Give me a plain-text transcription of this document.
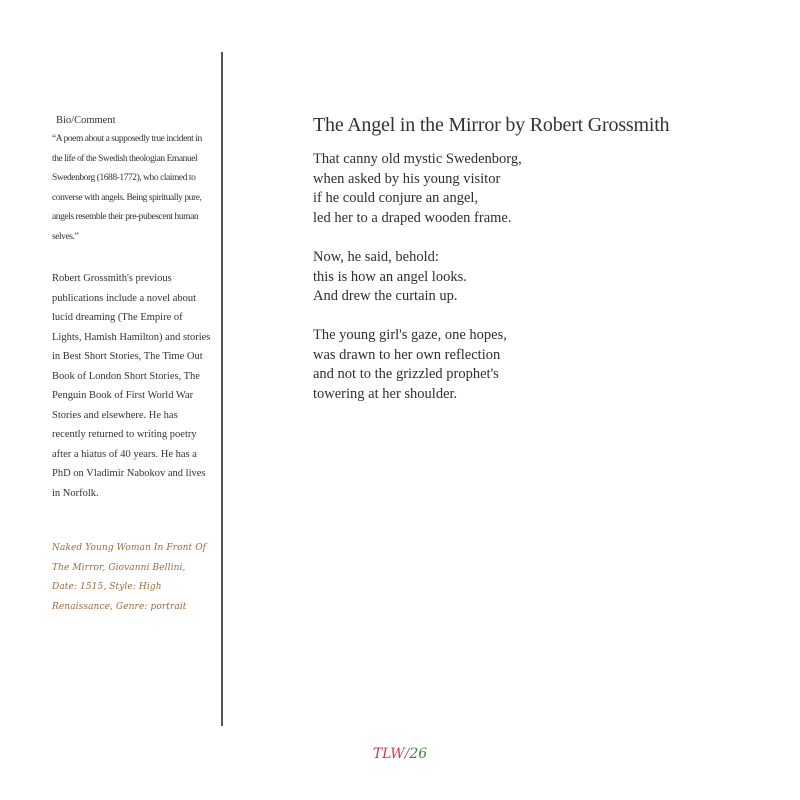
Bio/Comment

“A poem about a supposedly true incident in the life of the Swedish theologian Emanuel Swedenborg (1688-1772), who claimed to converse with angels. Being spiritually pure, angels resemble their pre-pubescent human selves.”

Robert Grossmith's previous publications include a novel about lucid dreaming (The Empire of Lights, Hamish Hamilton) and stories in Best Short Stories, The Time Out Book of London Short Stories, The Penguin Book of First World War Stories and elsewhere. He has recently returned to writing poetry after a hiatus of 40 years. He has a PhD on Vladimir Nabokov and lives in Norfolk.

Naked Young Woman In Front Of The Mirror, Giovanni Bellini, Date: 1515, Style: High Renaissance, Genre: portrait

The Angel in the Mirror by Robert Grossmith
That canny old mystic Swedenborg,
when asked by his young visitor
if he could conjure an angel,
led her to a draped wooden frame.
Now, he said, behold:
this is how an angel looks.
And drew the curtain up.
The young girl's gaze, one hopes,
was drawn to her own reflection
and not to the grizzled prophet's
towering at her shoulder.
TLW/26
